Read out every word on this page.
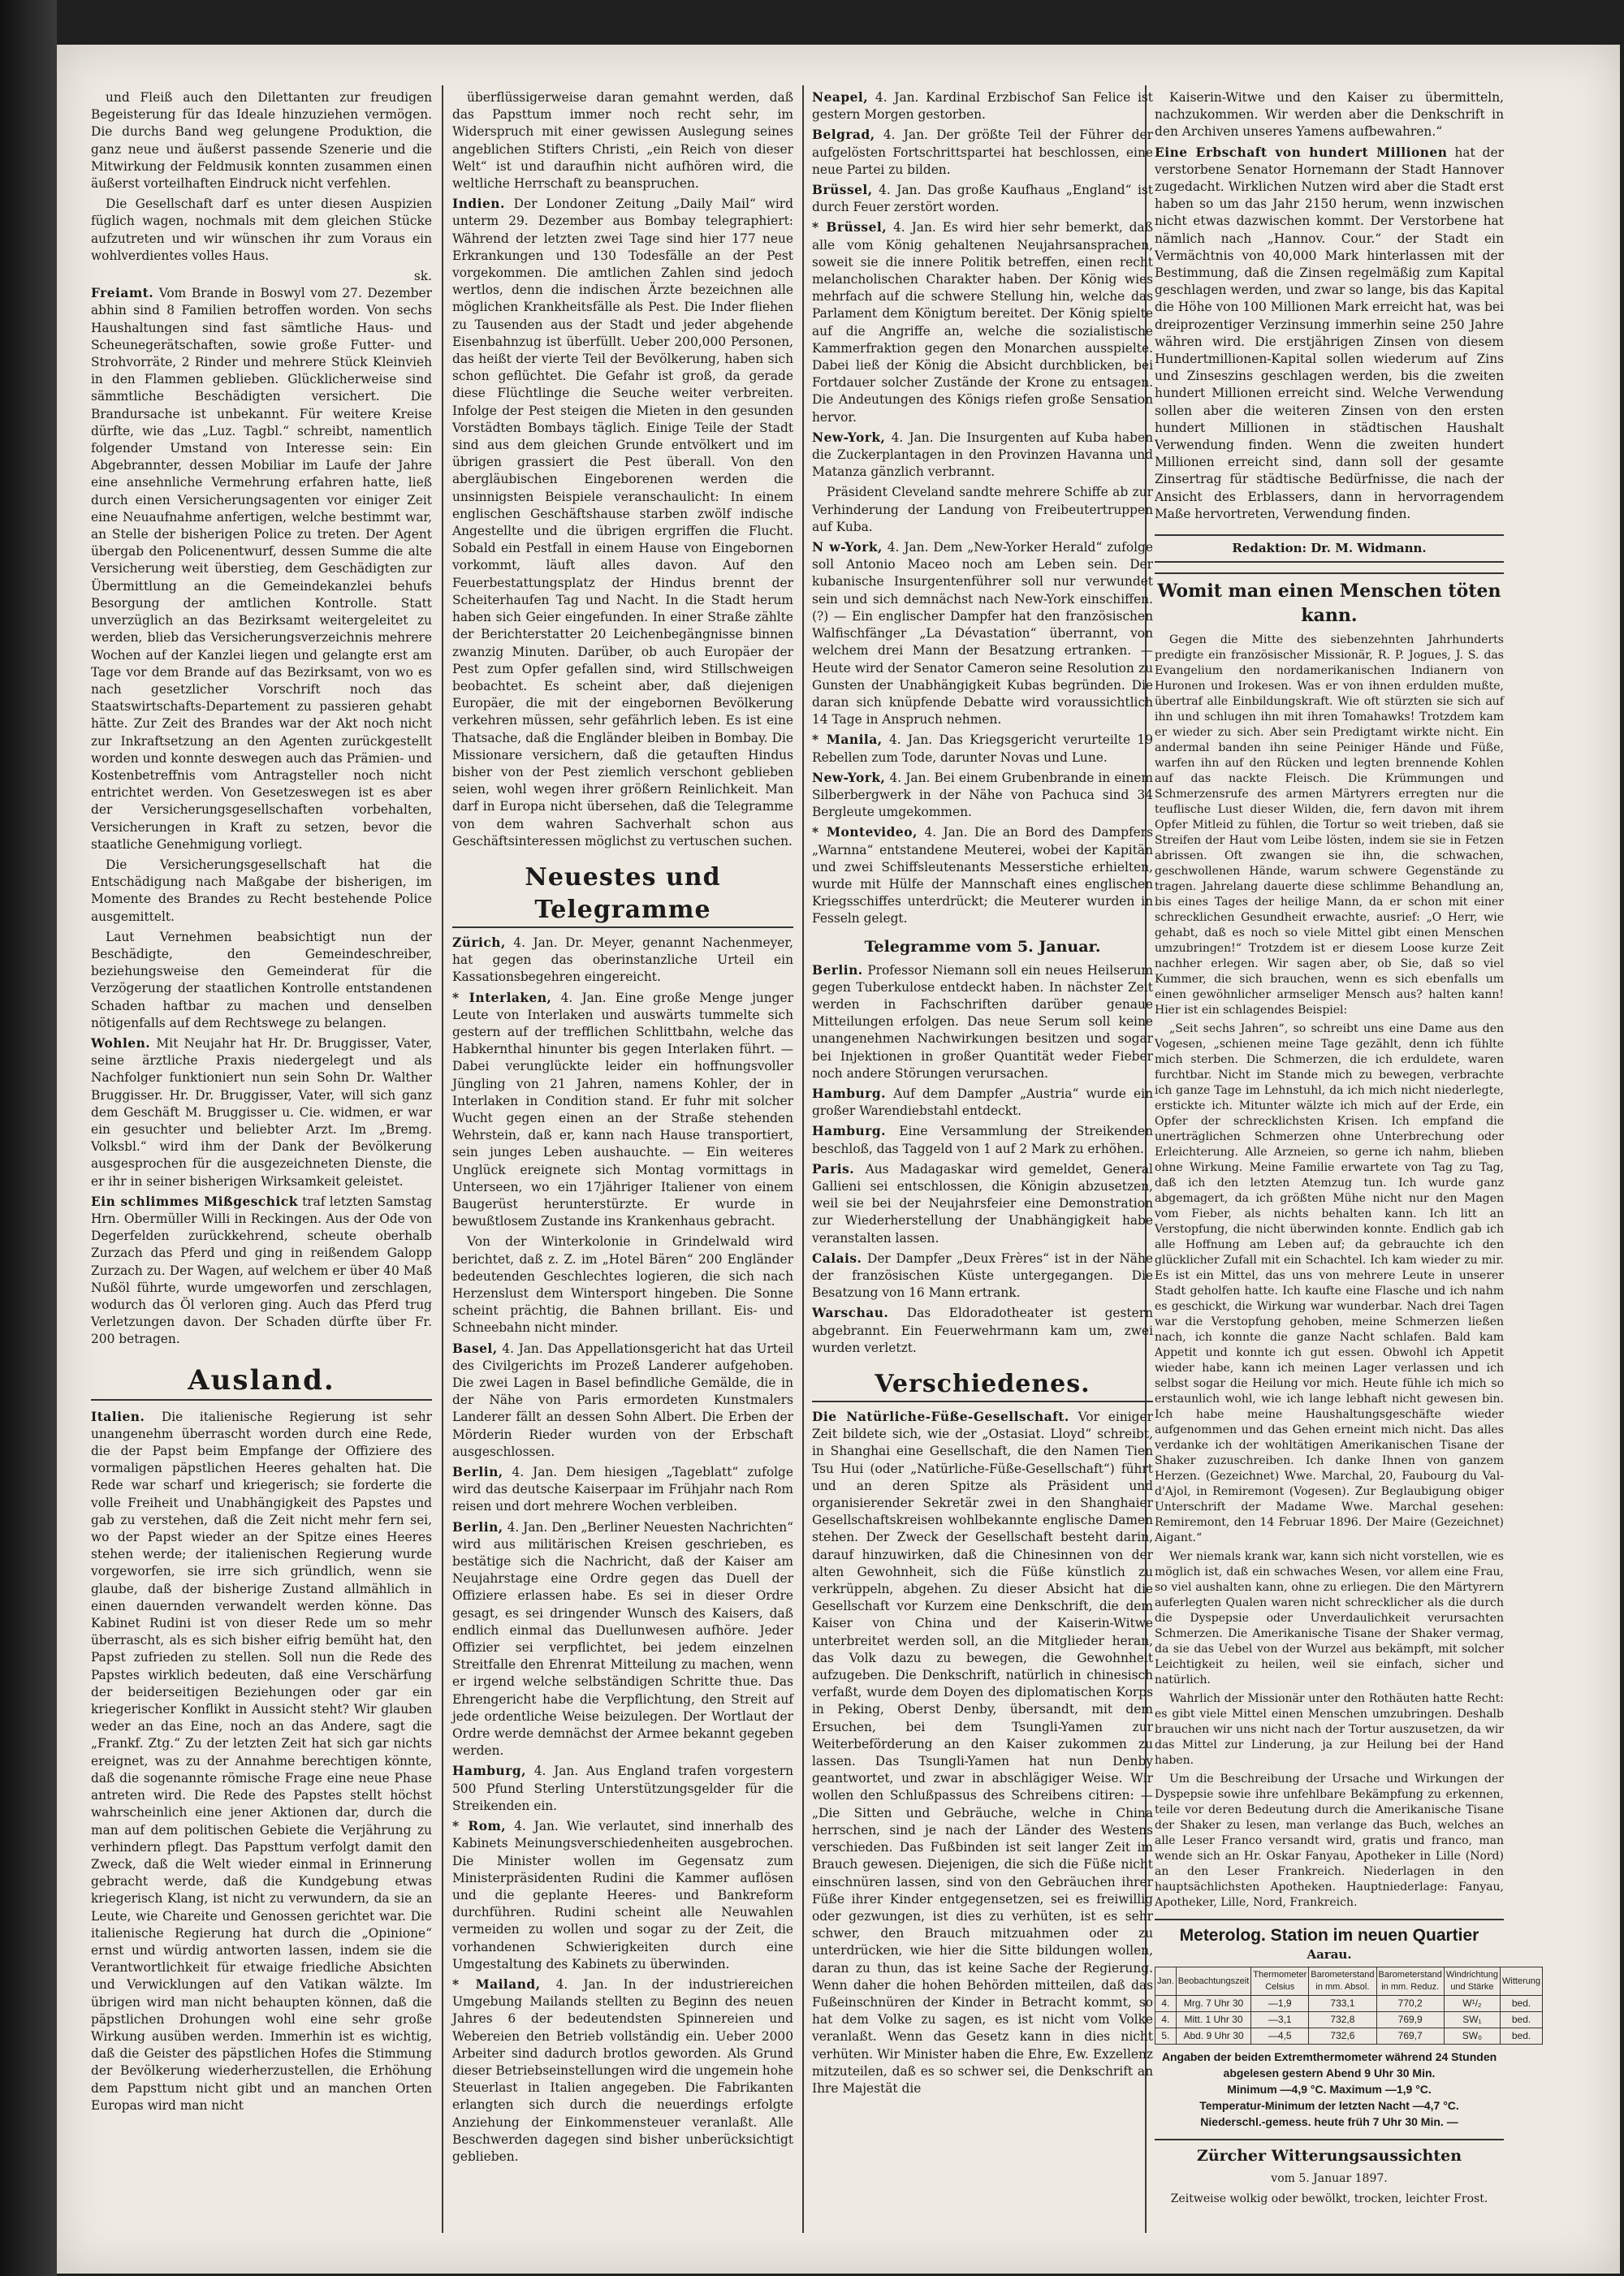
und Fleiß auch den Dilettanten zur freudigen Begeisterung für das Ideale hinzuziehen vermögen. Die durchs Band weg gelungene Produktion, die ganz neue und äußerst passende Szenerie und die Mitwirkung der Feldmusik konnten zusammen einen äußerst vorteilhaften Eindruck nicht verfehlen.

Die Gesellschaft darf es unter diesen Auspizien füglich wagen, nochmals mit dem gleichen Stücke aufzutreten und wir wünschen ihr zum Voraus ein wohlverdientes volles Haus.

sk.

Freiamt. Vom Brande in Boswyl vom 27. Dezember abhin sind 8 Familien betroffen worden. Von sechs Haushaltungen sind fast sämtliche Haus- und Scheunegerätschaften, sowie große Futter- und Strohvorräte, 2 Rinder und mehrere Stück Kleinvieh in den Flammen geblieben. Glücklicherweise sind sämmtliche Beschädigten versichert. Die Brandursache ist unbekannt. Für weitere Kreise dürfte, wie das „Luz. Tagbl.“ schreibt, namentlich folgender Umstand von Interesse sein: Ein Abgebrannter, dessen Mobiliar im Laufe der Jahre eine ansehnliche Vermehrung erfahren hatte, ließ durch einen Versicherungsagenten vor einiger Zeit eine Neuaufnahme anfertigen, welche bestimmt war, an Stelle der bisherigen Police zu treten. Der Agent übergab den Policenentwurf, dessen Summe die alte Versicherung weit überstieg, dem Geschädigten zur Übermittlung an die Gemeindekanzlei behufs Besorgung der amtlichen Kontrolle. Statt unverzüglich an das Bezirksamt weitergeleitet zu werden, blieb das Versicherungsverzeichnis mehrere Wochen auf der Kanzlei liegen und gelangte erst am Tage vor dem Brande auf das Bezirksamt, von wo es nach gesetzlicher Vorschrift noch das Staatswirtschafts-Departement zu passieren gehabt hätte. Zur Zeit des Brandes war der Akt noch nicht zur Inkraftsetzung an den Agenten zurückgestellt worden und konnte deswegen auch das Prämien- und Kostenbetreffnis vom Antragsteller noch nicht entrichtet werden. Von Gesetzeswegen ist es aber der Versicherungsgesellschaften vorbehalten, Versicherungen in Kraft zu setzen, bevor die staatliche Genehmigung vorliegt.

Die Versicherungsgesellschaft hat die Entschädigung nach Maßgabe der bisherigen, im Momente des Brandes zu Recht bestehende Police ausgemittelt.

Laut Vernehmen beabsichtigt nun der Beschädigte, den Gemeindeschreiber, beziehungsweise den Gemeinderat für die Verzögerung der staatlichen Kontrolle entstandenen Schaden haftbar zu machen und denselben nötigenfalls auf dem Rechtswege zu belangen.

Wohlen. Mit Neujahr hat Hr. Dr. Bruggisser, Vater, seine ärztliche Praxis niedergelegt und als Nachfolger funktioniert nun sein Sohn Dr. Walther Bruggisser. Hr. Dr. Bruggisser, Vater, will sich ganz dem Geschäft M. Bruggisser u. Cie. widmen, er war ein gesuchter und beliebter Arzt. Im „Bremg. Volksbl.“ wird ihm der Dank der Bevölkerung ausgesprochen für die ausgezeichneten Dienste, die er ihr in seiner bisherigen Wirksamkeit geleistet.

Ein schlimmes Mißgeschick traf letzten Samstag Hrn. Obermüller Willi in Reckingen. Aus der Ode von Degerfelden zurückkehrend, scheute oberhalb Zurzach das Pferd und ging in reißendem Galopp Zurzach zu. Der Wagen, auf welchem er über 40 Maß Nußöl führte, wurde umgeworfen und zerschlagen, wodurch das Öl verloren ging. Auch das Pferd trug Verletzungen davon. Der Schaden dürfte über Fr. 200 betragen.

Ausland.

Italien. Die italienische Regierung ist sehr unangenehm überrascht worden durch eine Rede, die der Papst beim Empfange der Offiziere des vormaligen päpstlichen Heeres gehalten hat. Die Rede war scharf und kriegerisch; sie forderte die volle Freiheit und Unabhängigkeit des Papstes und gab zu verstehen, daß die Zeit nicht mehr fern sei, wo der Papst wieder an der Spitze eines Heeres stehen werde; der italienischen Regierung wurde vorgeworfen, sie irre sich gründlich, wenn sie glaube, daß der bisherige Zustand allmählich in einen dauernden verwandelt werden könne. Das Kabinet Rudini ist von dieser Rede um so mehr überrascht, als es sich bisher eifrig bemüht hat, den Papst zufrieden zu stellen. Soll nun die Rede des Papstes wirklich bedeuten, daß eine Verschärfung der beiderseitigen Beziehungen oder gar ein kriegerischer Konflikt in Aussicht steht? Wir glauben weder an das Eine, noch an das Andere, sagt die „Frankf. Ztg.“ Zu der letzten Zeit hat sich gar nichts ereignet, was zu der Annahme berechtigen könnte, daß die sogenannte römische Frage eine neue Phase antreten wird. Die Rede des Papstes stellt höchst wahrscheinlich eine jener Aktionen dar, durch die man auf dem politischen Gebiete die Verjährung zu verhindern pflegt. Das Papsttum verfolgt damit den Zweck, daß die Welt wieder einmal in Erinnerung gebracht werde, daß die Kundgebung etwas kriegerisch Klang, ist nicht zu verwundern, da sie an Leute, wie Chareite und Genossen gerichtet war. Die italienische Regierung hat durch die „Opinione“ ernst und würdig antworten lassen, indem sie die Verantwortlichkeit für etwaige friedliche Absichten und Verwicklungen auf den Vatikan wälzte. Im übrigen wird man nicht behaupten können, daß die päpstlichen Drohungen wohl eine sehr große Wirkung ausüben werden. Immerhin ist es wichtig, daß die Geister des päpstlichen Hofes die Stimmung der Bevölkerung wiederherzustellen, die Erhöhung dem Papsttum nicht gibt und an manchen Orten Europas wird man nicht

überflüssigerweise daran gemahnt werden, daß das Papsttum immer noch recht sehr, im Widerspruch mit einer gewissen Auslegung seines angeblichen Stifters Christi, „ein Reich von dieser Welt“ ist und daraufhin nicht aufhören wird, die weltliche Herrschaft zu beanspruchen.

Indien. Der Londoner Zeitung „Daily Mail“ wird unterm 29. Dezember aus Bombay telegraphiert: Während der letzten zwei Tage sind hier 177 neue Erkrankungen und 130 Todesfälle an der Pest vorgekommen. Die amtlichen Zahlen sind jedoch wertlos, denn die indischen Ärzte bezeichnen alle möglichen Krankheitsfälle als Pest. Die Inder fliehen zu Tausenden aus der Stadt und jeder abgehende Eisenbahnzug ist überfüllt. Ueber 200,000 Personen, das heißt der vierte Teil der Bevölkerung, haben sich schon geflüchtet. Die Gefahr ist groß, da gerade diese Flüchtlinge die Seuche weiter verbreiten. Infolge der Pest steigen die Mieten in den gesunden Vorstädten Bombays täglich. Einige Teile der Stadt sind aus dem gleichen Grunde entvölkert und im übrigen grassiert die Pest überall. Von den abergläubischen Eingeborenen werden die unsinnigsten Beispiele veranschaulicht: In einem englischen Geschäftshause starben zwölf indische Angestellte und die übrigen ergriffen die Flucht. Sobald ein Pestfall in einem Hause von Eingebornen vorkommt, läuft alles davon. Auf den Feuerbestattungsplatz der Hindus brennt der Scheiterhaufen Tag und Nacht. In die Stadt herum haben sich Geier eingefunden. In einer Straße zählte der Berichterstatter 20 Leichenbegängnisse binnen zwanzig Minuten. Darüber, ob auch Europäer der Pest zum Opfer gefallen sind, wird Stillschweigen beobachtet. Es scheint aber, daß diejenigen Europäer, die mit der eingebornen Bevölkerung verkehren müssen, sehr gefährlich leben. Es ist eine Thatsache, daß die Engländer bleiben in Bombay. Die Missionare versichern, daß die getauften Hindus bisher von der Pest ziemlich verschont geblieben seien, wohl wegen ihrer größern Reinlichkeit. Man darf in Europa nicht übersehen, daß die Telegramme von dem wahren Sachverhalt schon aus Geschäftsinteressen möglichst zu vertuschen suchen.

Neuestes und Telegramme

Zürich, 4. Jan. Dr. Meyer, genannt Nachenmeyer, hat gegen das oberinstanzliche Urteil ein Kassationsbegehren eingereicht.

* Interlaken, 4. Jan. Eine große Menge junger Leute von Interlaken und auswärts tummelte sich gestern auf der trefflichen Schlittbahn, welche das Habkernthal hinunter bis gegen Interlaken führt. — Dabei verunglückte leider ein hoffnungsvoller Jüngling von 21 Jahren, namens Kohler, der in Interlaken in Condition stand. Er fuhr mit solcher Wucht gegen einen an der Straße stehenden Wehrstein, daß er, kann nach Hause transportiert, sein junges Leben aushauchte. — Ein weiteres Unglück ereignete sich Montag vormittags in Unterseen, wo ein 17jähriger Italiener von einem Baugerüst herunterstürzte. Er wurde in bewußtlosem Zustande ins Krankenhaus gebracht.

Von der Winterkolonie in Grindelwald wird berichtet, daß z. Z. im „Hotel Bären“ 200 Engländer bedeutenden Geschlechtes logieren, die sich nach Herzenslust dem Wintersport hingeben. Die Sonne scheint prächtig, die Bahnen brillant. Eis- und Schneebahn nicht minder.

Basel, 4. Jan. Das Appellationsgericht hat das Urteil des Civilgerichts im Prozeß Landerer aufgehoben. Die zwei Lagen in Basel befindliche Gemälde, die in der Nähe von Paris ermordeten Kunstmalers Landerer fällt an dessen Sohn Albert. Die Erben der Mörderin Rieder wurden von der Erbschaft ausgeschlossen.

Berlin, 4. Jan. Dem hiesigen „Tageblatt“ zufolge wird das deutsche Kaiserpaar im Frühjahr nach Rom reisen und dort mehrere Wochen verbleiben.

Berlin, 4. Jan. Den „Berliner Neuesten Nachrichten“ wird aus militärischen Kreisen geschrieben, es bestätige sich die Nachricht, daß der Kaiser am Neujahrstage eine Ordre gegen das Duell der Offiziere erlassen habe. Es sei in dieser Ordre gesagt, es sei dringender Wunsch des Kaisers, daß endlich einmal das Duellunwesen aufhöre. Jeder Offizier sei verpflichtet, bei jedem einzelnen Streitfalle den Ehrenrat Mitteilung zu machen, wenn er irgend welche selbständigen Schritte thue. Das Ehrengericht habe die Verpflichtung, den Streit auf jede ordentliche Weise beizulegen. Der Wortlaut der Ordre werde demnächst der Armee bekannt gegeben werden.

Hamburg, 4. Jan. Aus England trafen vorgestern 500 Pfund Sterling Unterstützungsgelder für die Streikenden ein.

* Rom, 4. Jan. Wie verlautet, sind innerhalb des Kabinets Meinungsverschiedenheiten ausgebrochen. Die Minister wollen im Gegensatz zum Ministerpräsidenten Rudini die Kammer auflösen und die geplante Heeres- und Bankreform durchführen. Rudini scheint alle Neuwahlen vermeiden zu wollen und sogar zu der Zeit, die vorhandenen Schwierigkeiten durch eine Umgestaltung des Kabinets zu überwinden.

* Mailand, 4. Jan. In der industriereichen Umgebung Mailands stellten zu Beginn des neuen Jahres 6 der bedeutendsten Spinnereien und Webereien den Betrieb vollständig ein. Ueber 2000 Arbeiter sind dadurch brotlos geworden. Als Grund dieser Betriebseinstellungen wird die ungemein hohe Steuerlast in Italien angegeben. Die Fabrikanten erlangten sich durch die neuerdings erfolgte Anziehung der Einkommensteuer veranlaßt. Alle Beschwerden dagegen sind bisher unberücksichtigt geblieben.

Neapel, 4. Jan. Kardinal Erzbischof San Felice ist gestern Morgen gestorben.

Belgrad, 4. Jan. Der größte Teil der Führer der aufgelösten Fortschrittspartei hat beschlossen, eine neue Partei zu bilden.

Brüssel, 4. Jan. Das große Kaufhaus „England“ ist durch Feuer zerstört worden.

* Brüssel, 4. Jan. Es wird hier sehr bemerkt, daß alle vom König gehaltenen Neujahrsansprachen, soweit sie die innere Politik betreffen, einen recht melancholischen Charakter haben. Der König wies mehrfach auf die schwere Stellung hin, welche das Parlament dem Königtum bereitet. Der König spielte auf die Angriffe an, welche die sozialistische Kammerfraktion gegen den Monarchen ausspielte. Dabei ließ der König die Absicht durchblicken, bei Fortdauer solcher Zustände der Krone zu entsagen. Die Andeutungen des Königs riefen große Sensation hervor.

New-York, 4. Jan. Die Insurgenten auf Kuba haben die Zuckerplantagen in den Provinzen Havanna und Matanza gänzlich verbrannt.

Präsident Cleveland sandte mehrere Schiffe ab zur Verhinderung der Landung von Freibeutertruppen auf Kuba.

N w-York, 4. Jan. Dem „New-Yorker Herald“ zufolge soll Antonio Maceo noch am Leben sein. Der kubanische Insurgentenführer soll nur verwundet sein und sich demnächst nach New-York einschiffen. (?) — Ein englischer Dampfer hat den französischen Walfischfänger „La Dévastation“ überrannt, von welchem drei Mann der Besatzung ertranken. — Heute wird der Senator Cameron seine Resolution zu Gunsten der Unabhängigkeit Kubas begründen. Die daran sich knüpfende Debatte wird voraussichtlich 14 Tage in Anspruch nehmen.

* Manila, 4. Jan. Das Kriegsgericht verurteilte 19 Rebellen zum Tode, darunter Novas und Lune.

New-York, 4. Jan. Bei einem Grubenbrande in einem Silberbergwerk in der Nähe von Pachuca sind 34 Bergleute umgekommen.

* Montevideo, 4. Jan. Die an Bord des Dampfers „Warnna“ entstandene Meuterei, wobei der Kapitän und zwei Schiffsleutenants Messerstiche erhielten, wurde mit Hülfe der Mannschaft eines englischen Kriegsschiffes unterdrückt; die Meuterer wurden in Fesseln gelegt.

Telegramme vom 5. Januar.

Berlin. Professor Niemann soll ein neues Heilserum gegen Tuberkulose entdeckt haben. In nächster Zeit werden in Fachschriften darüber genaue Mitteilungen erfolgen. Das neue Serum soll keine unangenehmen Nachwirkungen besitzen und sogar bei Injektionen in großer Quantität weder Fieber noch andere Störungen verursachen.

Hamburg. Auf dem Dampfer „Austria“ wurde ein großer Warendiebstahl entdeckt.

Hamburg. Eine Versammlung der Streikenden beschloß, das Taggeld von 1 auf 2 Mark zu erhöhen.

Paris. Aus Madagaskar wird gemeldet, General Gallieni sei entschlossen, die Königin abzusetzen, weil sie bei der Neujahrsfeier eine Demonstration zur Wiederherstellung der Unabhängigkeit habe veranstalten lassen.

Calais. Der Dampfer „Deux Frères“ ist in der Nähe der französischen Küste untergegangen. Die Besatzung von 16 Mann ertrank.

Warschau. Das Eldoradotheater ist gestern abgebrannt. Ein Feuerwehrmann kam um, zwei wurden verletzt.

Verschiedenes.

Die Natürliche-Füße-Gesellschaft. Vor einiger Zeit bildete sich, wie der „Ostasiat. Lloyd“ schreibt, in Shanghai eine Gesellschaft, die den Namen Tien Tsu Hui (oder „Natürliche-Füße-Gesellschaft“) führt und an deren Spitze als Präsident und organisierender Sekretär zwei in den Shanghaier Gesellschaftskreisen wohlbekannte englische Damen stehen. Der Zweck der Gesellschaft besteht darin, darauf hinzuwirken, daß die Chinesinnen von der alten Gewohnheit, sich die Füße künstlich zu verkrüppeln, abgehen. Zu dieser Absicht hat die Gesellschaft vor Kurzem eine Denkschrift, die dem Kaiser von China und der Kaiserin-Witwe unterbreitet werden soll, an die Mitglieder heran, das Volk dazu zu bewegen, die Gewohnheit aufzugeben. Die Denkschrift, natürlich in chinesisch verfaßt, wurde dem Doyen des diplomatischen Korps in Peking, Oberst Denby, übersandt, mit dem Ersuchen, bei dem Tsungli-Yamen zur Weiterbeförderung an den Kaiser zukommen zu lassen. Das Tsungli-Yamen hat nun Denby geantwortet, und zwar in abschlägiger Weise. Wir wollen den Schlußpassus des Schreibens citiren: — „Die Sitten und Gebräuche, welche in China herrschen, sind je nach der Länder des Westens verschieden. Das Fußbinden ist seit langer Zeit im Brauch gewesen. Diejenigen, die sich die Füße nicht einschnüren lassen, sind von den Gebräuchen ihrer Füße ihrer Kinder entgegensetzen, sei es freiwillig oder gezwungen, ist dies zu verhüten, ist es sehr schwer, den Brauch mitzuahmen oder zu unterdrücken, wie hier die Sitte bildungen wollen, daran zu thun, das ist keine Sache der Regierung. Wenn daher die hohen Behörden mitteilen, daß das Fußeinschnüren der Kinder in Betracht kommt, so hat dem Volke zu sagen, es ist nicht vom Volke veranlaßt. Wenn das Gesetz kann in dies nicht verhüten. Wir Minister haben die Ehre, Ew. Exzellenz mitzuteilen, daß es so schwer sei, die Denkschrift an Ihre Majestät die

Kaiserin-Witwe und den Kaiser zu übermitteln, nachzukommen. Wir werden aber die Denkschrift in den Archiven unseres Yamens aufbewahren.“

Eine Erbschaft von hundert Millionen hat der verstorbene Senator Hornemann der Stadt Hannover zugedacht. Wirklichen Nutzen wird aber die Stadt erst haben so um das Jahr 2150 herum, wenn inzwischen nicht etwas dazwischen kommt. Der Verstorbene hat nämlich nach „Hannov. Cour.“ der Stadt ein Vermächtnis von 40,000 Mark hinterlassen mit der Bestimmung, daß die Zinsen regelmäßig zum Kapital geschlagen werden, und zwar so lange, bis das Kapital die Höhe von 100 Millionen Mark erreicht hat, was bei dreiprozentiger Verzinsung immerhin seine 250 Jahre währen wird. Die erstjährigen Zinsen von diesem Hundertmillionen-Kapital sollen wiederum auf Zins und Zinseszins geschlagen werden, bis die zweiten hundert Millionen erreicht sind. Welche Verwendung sollen aber die weiteren Zinsen von den ersten hundert Millionen in städtischen Haushalt Verwendung finden. Wenn die zweiten hundert Millionen erreicht sind, dann soll der gesamte Zinsertrag für städtische Bedürfnisse, die nach der Ansicht des Erblassers, dann in hervorragendem Maße hervortreten, Verwendung finden.

Redaktion: Dr. M. Widmann.
Womit man einen Menschen töten kann.

Gegen die Mitte des siebenzehnten Jahrhunderts predigte ein französischer Missionär, R. P. Jogues, J. S. das Evangelium den nordamerikanischen Indianern von Huronen und Irokesen. Was er von ihnen erdulden mußte, übertraf alle Einbildungskraft. Wie oft stürzten sie sich auf ihn und schlugen ihn mit ihren Tomahawks! Trotzdem kam er wieder zu sich. Aber sein Predigtamt wirkte nicht. Ein andermal banden ihn seine Peiniger Hände und Füße, warfen ihn auf den Rücken und legten brennende Kohlen auf das nackte Fleisch. Die Krümmungen und Schmerzensrufe des armen Märtyrers erregten nur die teuflische Lust dieser Wilden, die, fern davon mit ihrem Opfer Mitleid zu fühlen, die Tortur so weit trieben, daß sie Streifen der Haut vom Leibe lösten, indem sie sie in Fetzen abrissen. Oft zwangen sie ihn, die schwachen, geschwollenen Hände, warum schwere Gegenstände zu tragen. Jahrelang dauerte diese schlimme Behandlung an, bis eines Tages der heilige Mann, da er schon mit einer schrecklichen Gesundheit erwachte, ausrief: „O Herr, wie gehabt, daß es noch so viele Mittel gibt einen Menschen umzubringen!“ Trotzdem ist er diesem Loose kurze Zeit nachher erlegen. Wir sagen aber, ob Sie, daß so viel Kummer, die sich brauchen, wenn es sich ebenfalls um einen gewöhnlicher armseliger Mensch aus? halten kann! Hier ist ein schlagendes Beispiel:

„Seit sechs Jahren“, so schreibt uns eine Dame aus den Vogesen, „schienen meine Tage gezählt, denn ich fühlte mich sterben. Die Schmerzen, die ich erduldete, waren furchtbar. Nicht im Stande mich zu bewegen, verbrachte ich ganze Tage im Lehnstuhl, da ich mich nicht niederlegte, erstickte ich. Mitunter wälzte ich mich auf der Erde, ein Opfer der schrecklichsten Krisen. Ich empfand die unerträglichen Schmerzen ohne Unterbrechung oder Erleichterung. Alle Arzneien, so gerne ich nahm, blieben ohne Wirkung. Meine Familie erwartete von Tag zu Tag, daß ich den letzten Atemzug tun. Ich wurde ganz abgemagert, da ich größten Mühe nicht nur den Magen vom Fieber, als nichts behalten kann. Ich litt an Verstopfung, die nicht überwinden konnte. Endlich gab ich alle Hoffnung am Leben auf; da gebrauchte ich den glücklicher Zufall mit ein Schachtel. Ich kam wieder zu mir. Es ist ein Mittel, das uns von mehrere Leute in unserer Stadt geholfen hatte. Ich kaufte eine Flasche und ich nahm es geschickt, die Wirkung war wunderbar. Nach drei Tagen war die Verstopfung gehoben, meine Schmerzen ließen nach, ich konnte die ganze Nacht schlafen. Bald kam Appetit und konnte ich gut essen. Obwohl ich Appetit wieder habe, kann ich meinen Lager verlassen und ich selbst sogar die Heilung vor mich. Heute fühle ich mich so erstaunlich wohl, wie ich lange lebhaft nicht gewesen bin. Ich habe meine Haushaltungsgeschäfte wieder aufgenommen und das Gehen erneint mich nicht. Das alles verdanke ich der wohltätigen Amerikanischen Tisane der Shaker zuzuschreiben. Ich danke Ihnen von ganzem Herzen. (Gezeichnet) Wwe. Marchal, 20, Faubourg du Val-d'Ajol, in Remiremont (Vogesen). Zur Beglaubigung obiger Unterschrift der Madame Wwe. Marchal gesehen: Remiremont, den 14 Februar 1896. Der Maire (Gezeichnet) Aigant.“

Wer niemals krank war, kann sich nicht vorstellen, wie es möglich ist, daß ein schwaches Wesen, vor allem eine Frau, so viel aushalten kann, ohne zu erliegen. Die den Märtyrern auferlegten Qualen waren nicht schrecklicher als die durch die Dyspepsie oder Unverdaulichkeit verursachten Schmerzen. Die Amerikanische Tisane der Shaker vermag, da sie das Uebel von der Wurzel aus bekämpft, mit solcher Leichtigkeit zu heilen, weil sie einfach, sicher und natürlich.

Wahrlich der Missionär unter den Rothäuten hatte Recht: es gibt viele Mittel einen Menschen umzubringen. Deshalb brauchen wir uns nicht nach der Tortur auszusetzen, da wir das Mittel zur Linderung, ja zur Heilung bei der Hand haben.

Um die Beschreibung der Ursache und Wirkungen der Dyspepsie sowie ihre unfehlbare Bekämpfung zu erkennen, teile vor deren Bedeutung durch die Amerikanische Tisane der Shaker zu lesen, man verlange das Buch, welches an alle Leser Franco versandt wird, gratis und franco, man wende sich an Hr. Oskar Fanyau, Apotheker in Lille (Nord) an den Leser Frankreich. Niederlagen in den hauptsächlichsten Apotheken. Hauptniederlage: Fanyau, Apotheker, Lille, Nord, Frankreich.

Meterolog. Station im neuen Quartier
Aarau.
Jan.	Beobachtungszeit	Thermometer Celsius	Barometerstand in mm. Absol.	Barometerstand in mm. Reduz.	Windrichtung und Stärke	Witterung
4.	Mrg. 7 Uhr 30	—1,9	733,1	770,2	W¹/₂	bed.
4.	Mitt. 1 Uhr 30	—3,1	732,8	769,9	SW₁	bed.
5.	Abd. 9 Uhr 30	—4,5	732,6	769,7	SW₀	bed.
Angaben der beiden Extremthermometer während 24 Stunden abgelesen gestern Abend 9 Uhr 30 Min.
Minimum —4,9 °C. Maximum —1,9 °C.
Temperatur-Minimum der letzten Nacht —4,7 °C.
Niederschl.-gemess. heute früh 7 Uhr 30 Min. —
Zürcher Witterungsaussichten
vom 5. Januar 1897.
Zeitweise wolkig oder bewölkt, trocken, leichter Frost.
